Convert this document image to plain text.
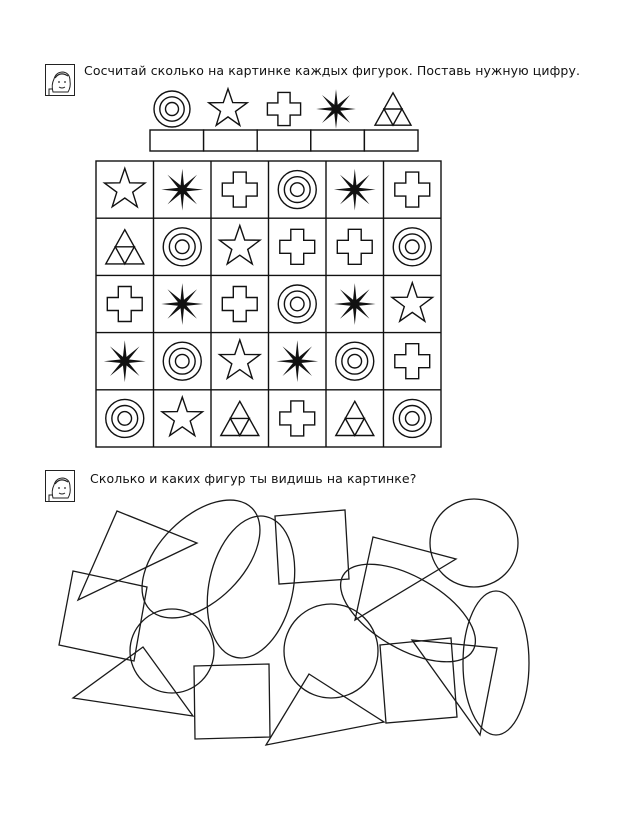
Сосчитай сколько на картинке каждых фигурок. Поставь нужную цифру.
Сколько и каких фигур ты видишь на картинке?
